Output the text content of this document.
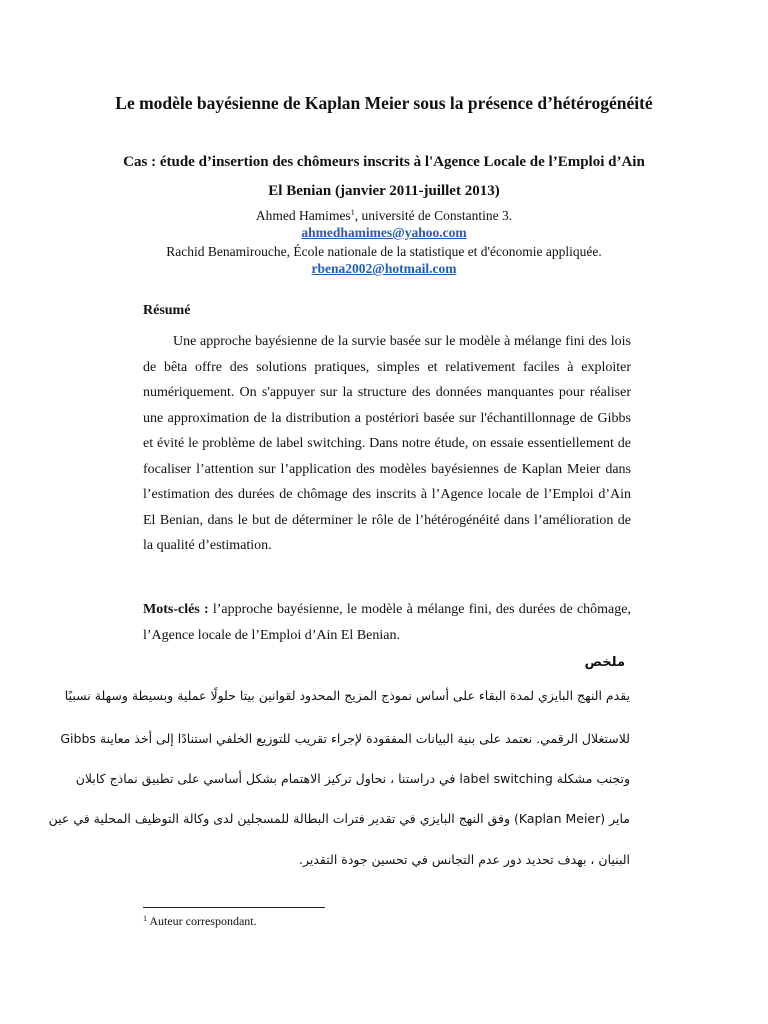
Le modèle bayésienne de Kaplan Meier sous la présence d’hétérogénéité
Cas : étude d’insertion des chômeurs inscrits à l'Agence Locale de l’Emploi d’Ain El Benian (janvier 2011-juillet 2013)
Ahmed Hamimes$^1$, université de Constantine 3.
ahmedhamimes@yahoo.com
Rachid Benamirouche, École nationale de la statistique et d'économie appliquée.
rbena2002@hotmail.com
Résumé

Une approche bayésienne de la survie basée sur le modèle à mélange fini des lois de bêta offre des solutions pratiques, simples et relativement faciles à exploiter numériquement. On s'appuyer sur la structure des données manquantes pour réaliser une approximation de la distribution a postériori basée sur l'échantillonnage de Gibbs et évité le problème de label switching. Dans notre étude, on essaie essentiellement de focaliser l’attention sur l’application des modèles bayésiennes de Kaplan Meier dans l’estimation des durées de chômage des inscrits à l’Agence locale de l’Emploi d’Ain El Benian, dans le but de déterminer le rôle de l’hétérogénéité dans l’amélioration de la qualité d’estimation.

Mots-clés : l’approche bayésienne, le modèle à mélange fini, des durées de chômage, l’Agence locale de l’Emploi d’Ain El Benian.

ملخص
يقدم النهج البايزي لمدة البقاء على أساس نموذج المزيج المحدود لقوانين بيتا حلولًا عملية وبسيطة وسهلة نسبيًا
للاستغلال الرقمي. نعتمد على بنية البيانات المفقودة لإجراء تقريب للتوزيع الخلفي استنادًا إلى أخذ معاينة Gibbs
وتجنب مشكلة label switching في دراستنا ، نحاول تركيز الاهتمام بشكل أساسي على تطبيق نماذج كابلان
ماير (Kaplan Meier) وفق النهج البايزي في تقدير فترات البطالة للمسجلين لدى وكالة التوظيف المحلية في عين
البنيان ، بهدف تحديد دور عدم التجانس في تحسين جودة التقدير.
$^1$ Auteur correspondant.
